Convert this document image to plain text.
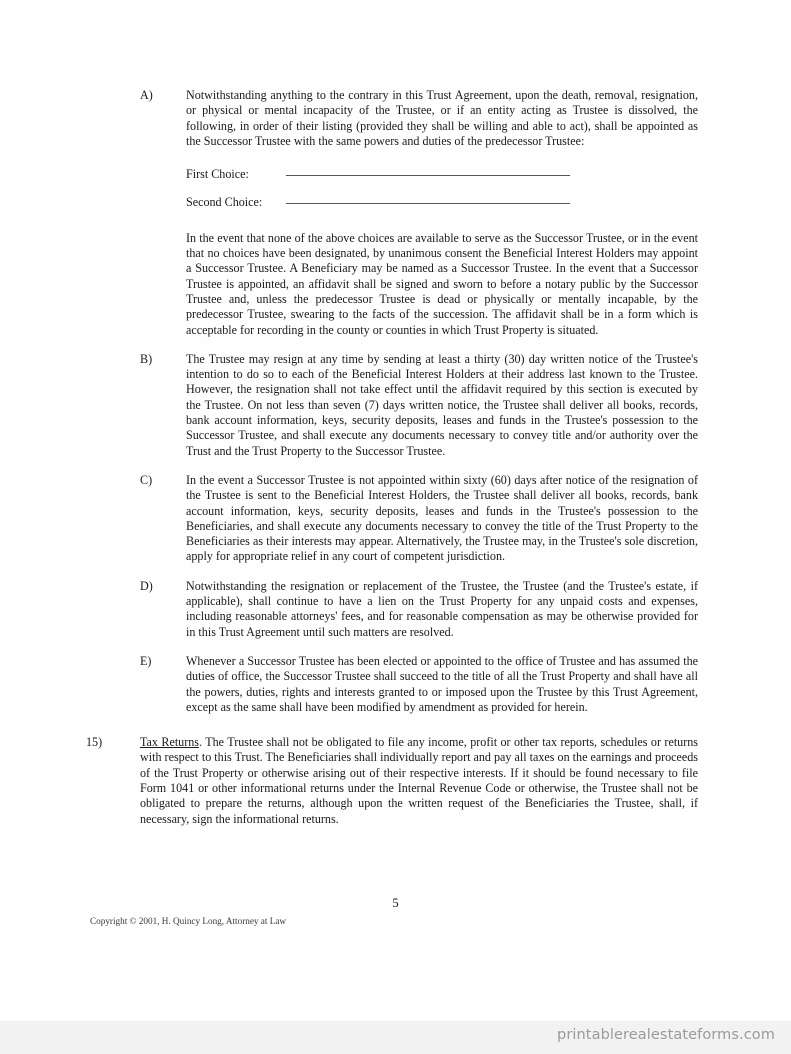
A)	Notwithstanding anything to the contrary in this Trust Agreement, upon the death, removal, resignation, or physical or mental incapacity of the Trustee, or if an entity acting as Trustee is dissolved, the following, in order of their listing (provided they shall be willing and able to act), shall be appointed as the Successor Trustee with the same powers and duties of the predecessor Trustee:
First Choice:
Second Choice:
In the event that none of the above choices are available to serve as the Successor Trustee, or in the event that no choices have been designated, by unanimous consent the Beneficial Interest Holders may appoint a Successor Trustee. A Beneficiary may be named as a Successor Trustee. In the event that a Successor Trustee is appointed, an affidavit shall be signed and sworn to before a notary public by the Successor Trustee and, unless the predecessor Trustee is dead or physically or mentally incapable, by the predecessor Trustee, swearing to the facts of the succession. The affidavit shall be in a form which is acceptable for recording in the county or counties in which Trust Property is situated.
B)	The Trustee may resign at any time by sending at least a thirty (30) day written notice of the Trustee's intention to do so to each of the Beneficial Interest Holders at their address last known to the Trustee. However, the resignation shall not take effect until the affidavit required by this section is executed by the Trustee. On not less than seven (7) days written notice, the Trustee shall deliver all books, records, bank account information, keys, security deposits, leases and funds in the Trustee's possession to the Successor Trustee, and shall execute any documents necessary to convey title and/or authority over the Trust and the Trust Property to the Successor Trustee.
C)	In the event a Successor Trustee is not appointed within sixty (60) days after notice of the resignation of the Trustee is sent to the Beneficial Interest Holders, the Trustee shall deliver all books, records, bank account information, keys, security deposits, leases and funds in the Trustee's possession to the Beneficiaries, and shall execute any documents necessary to convey the title of the Trust Property to the Beneficiaries as their interests may appear. Alternatively, the Trustee may, in the Trustee's sole discretion, apply for appropriate relief in any court of competent jurisdiction.
D)	Notwithstanding the resignation or replacement of the Trustee, the Trustee (and the Trustee's estate, if applicable), shall continue to have a lien on the Trust Property for any unpaid costs and expenses, including reasonable attorneys' fees, and for reasonable compensation as may be otherwise provided for in this Trust Agreement until such matters are resolved.
E)	Whenever a Successor Trustee has been elected or appointed to the office of Trustee and has assumed the duties of office, the Successor Trustee shall succeed to the title of all the Trust Property and shall have all the powers, duties, rights and interests granted to or imposed upon the Trustee by this Trust Agreement, except as the same shall have been modified by amendment as provided for herein.
15)	Tax Returns. The Trustee shall not be obligated to file any income, profit or other tax reports, schedules or returns with respect to this Trust. The Beneficiaries shall individually report and pay all taxes on the earnings and proceeds of the Trust Property or otherwise arising out of their respective interests. If it should be found necessary to file Form 1041 or other informational returns under the Internal Revenue Code or otherwise, the Trustee shall not be obligated to prepare the returns, although upon the written request of the Beneficiaries the Trustee, shall, if necessary, sign the informational returns.
5
Copyright © 2001, H. Quincy Long, Attorney at Law
printablerealestateforms.com
